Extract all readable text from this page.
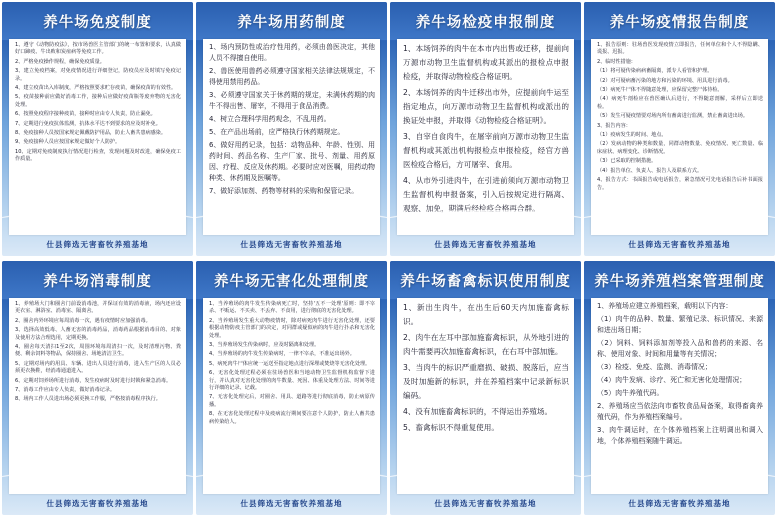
养牛场免疫制度

1、遵守《动物防疫法》，按市场兽医主管部门的统一布置和要求，认真做好口蹄疫、牛出败和炭疽病等免疫工作。

2、严格免疫操作规程，确保免疫质量。

3、建立免疫档案，对免疫情况进行详细登记，防疫员应及时填写免疫记录。

4、建立疫苗出入库制度，严格按照要求贮存疫苗，确保疫苗的有效性。

5、疫苗接种前应做好消毒工作，接种后应做好疫苗瓶等废弃物的无害化处理。

6、按照免疫程序接种疫苗，接种时应由专人负责，防止漏免。

7、定期进行免疫抗体监测，抗体水平达不到要求的应及时补免。

8、免疫接种人员按国家规定佩戴防护用品，防止人畜共患病感染。

9、免疫接种人员应按国家规定做好个人防护。

10、定期对免疫制度执行情况进行检查，发现问题及时改进，确保免疫工作质量。

仕县筛选无害畜牧养殖基地
养牛场用药制度

1、场内预防性或治疗性用药，必须由兽医决定，其他人员不得擅自使用。

2、兽医使用兽药必须遵守国家相关法律法规规定，不得使用禁用药品。

3、必须遵守国家关于休药期的规定，未满休药期的肉牛不得出售、屠宰，不得用于食品消费。

4、树立合理科学用药观念，不乱用药。

5、在产品出场前，应严格执行休药期规定。

6、做好用药记录，包括：动物品种、年龄、性别、用药时间、药品名称、生产厂家、批号、剂量、用药原因、疗程、反应及休药期。必要时应对医嘱，用药动物种类、休药期及医嘱等。

7、做好添加剂、药物等材料的采购和保管记录。

仕县筛选无害畜牧养殖基地
养牛场检疫申报制度

1、本场饲养的肉牛在本市内出售或迁移，提前向万源市动物卫生监督机构或其派出的报检点申报检疫，并取得动物检疫合格证明。

2、本场饲养的肉牛迁移出市外，应提前向牛运至指定地点，向万源市动物卫生监督机构或派出的换证处申报，并取得《动物检疫合格证明》。

3、自宰自食肉牛，在屠宰前向万源市动物卫生监督机构或其派出机构报检点申报检疫，经官方兽医检疫合格后，方可屠宰、食用。

4、从市外引进肉牛，在引进前须向万源市动物卫生监督机构申报备案，引入后按规定进行隔离、观察、加免，期满后经检疫合格再合群。

仕县筛选无害畜牧养殖基地
养牛场疫情报告制度

1、报告原则：驻场兽医发现疫情立即报告，任何单位和个人不得隐瞒、谎报、迟报。

2、临时性措施：

（1）将可疑传染病病畜隔离，派专人看管和护理。

（2）对可疑病畜污染的地方和污染的环境、用具进行消毒。

（3）病死牛尸体不得随意处理，应保留完整尸体待检。

（4）病死牛剖检应在兽医确认后进行，不得随意剖解，采样后立即送检。

（5）发生可疑疫情要对场内所有畜禽进行监测，禁止畜禽进出场。

3、报告内容：

（1）疫病发生的时间、地点。

（2）发病动物的种类和数量，同群动物数量、免疫情况、死亡数量、临床症状、病理变化、诊断情况。

（3）已采取的控制措施。

（4）报告单位、负责人、报告人及联系方式。

4、报告方式：书面报告或电话报告，紧急情况可先电话报告后补书面报告。

仕县筛选无害畜牧养殖基地
养牛场消毒制度

1、养殖场大门和圈舍门前设消毒池，并保证有效的消毒液，场内还应设更衣室、淋浴室、消毒室、隔离舍。

2、圈舍内外环境应每周消毒一次，遇有疫情时应加强消毒。

3、选择高效低毒、人畜无害的消毒药品，消毒药品根据消毒目的、对象及使用方法合理选用，定期更换。

4、圈舍每天清扫1至2次，周围环境每周清扫一次，及时清理污物、粪便、剩余饲料等物品，保持圈舍、场地清洁卫生。

5、定期对场内的用具、车辆、进出人员进行消毒，进入生产区的人员必须更衣换鞋，经消毒通道进入。

6、定期对饲养场所进行消毒，发生疫病时及时进行封锁和紧急消毒。

7、消毒工作应由专人负责，做好消毒记录。

8、场内工作人员进出场必须更换工作服，严格按消毒程序执行。

仕县筛选无害畜牧养殖基地
养牛场无害化处理制度

1、当养殖场的肉牛发生传染病死亡时，坚持'五不一处理'原则：即不宰杀、不贩运、不买卖、不丢弃、不食用，进行彻底的无害化处理。

2、当养殖场发生重大动物疫情时，除对病死肉牛进行无害化处理，还要根据动物防疫主管部门的决定，对同群或疑似病的肉牛进行扑杀和无害化处理。

3、当养殖场发生传染病时，应及时隔离和处理。

4、当养殖场的肉牛发生传染病时，一律不宰杀，不准运出场外。

5、病死肉牛尸体应统一运送至指定地点进行深埋或焚烧等无害化处理。

6、无害化处理过程必须在驻场兽医和当地动物卫生监督机构监督下进行，并认真对无害化处理的肉牛数量、死因、体重及处理方法、时间等进行详细的记录、记载。

7、无害化处理完后，对圈舍、用具、道路等进行彻底消毒，防止病原传播。

8、在无害化处理过程中及疫病流行期间要注意个人防护，防止人畜共患病传染给人。

仕县筛选无害畜牧养殖基地
养牛场畜禽标识使用制度

1、新出生肉牛，在出生后60天内加施畜禽标识。

2、肉牛在左耳中部加施畜禽标识，从外地引进的肉牛需要再次加施畜禽标识，在右耳中部加施。

3、当肉牛的标识严重磨损、破损、脱落后，应当及时加施新的标识，并在养殖档案中记录新标识编码。

4、没有加施畜禽标识的，不得运出养殖场。

5、畜禽标识不得重复使用。

仕县筛选无害畜牧养殖基地
养牛场养殖档案管理制度

1、养殖场应建立养殖档案，载明以下内容：

（1）肉牛的品种、数量、繁殖记录、标识情况、来源和进出场日期；

（2）饲料、饲料添加剂等投入品和兽药的来源、名称、使用对象、时间和用量等有关情况；

（3）检疫、免疫、监测、消毒情况；

（4）肉牛发病、诊疗、死亡和无害化处理情况；

（5）肉牛养殖代码。

2、养殖场应当依法向市畜牧食品局备案，取得畜禽养殖代码，作为养殖档案编号。

3、肉牛调运时，在个体养殖档案上注明调出和调入地，个体养殖档案随牛调运。

仕县筛选无害畜牧养殖基地
